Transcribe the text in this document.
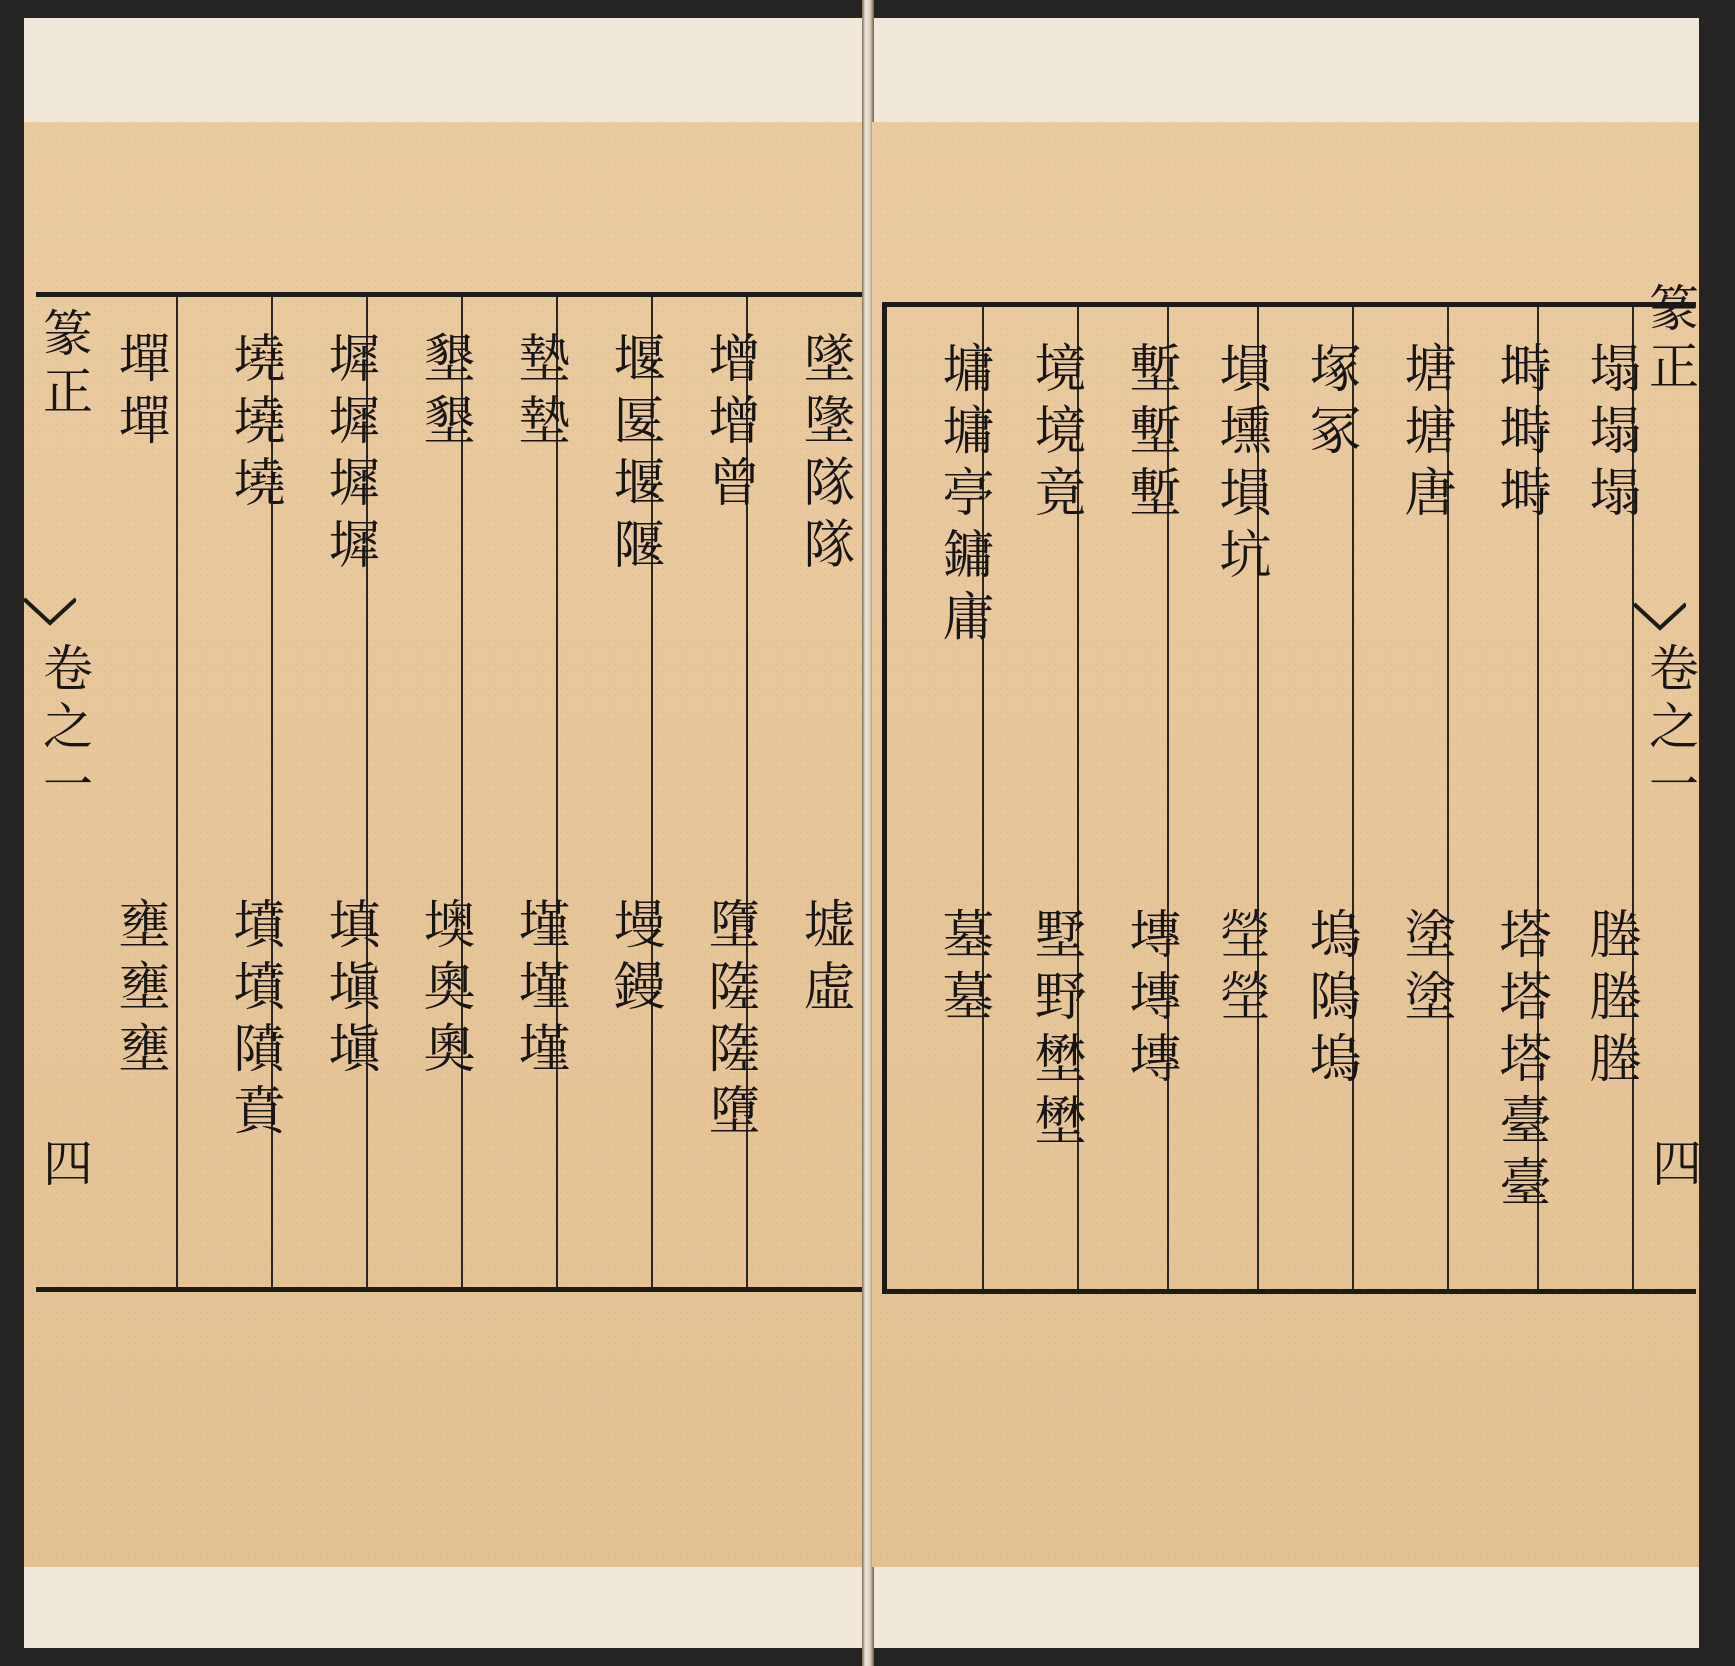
墜墬隊隊
墟虛
增增曾
墮隓隓墮
堰匽堰隁
墁鏝
墊墊
墐墐墐
墾墾
墺奧奧
墀墀墀墀
填塡塡
墝墝墝
墳墳隫賁
墠墠
壅壅壅
篆正
卷之一
四
塌塌塌
塍塍塍
塒塒塒
塔塔塔臺臺
塘塘唐
塗塗
塚冢
塢隖塢
塤壎塤坑
塋塋
塹塹塹
塼塼塼
境境竟
墅野壄壄
墉墉亭鏞庸
墓墓
篆正
卷之一
四
